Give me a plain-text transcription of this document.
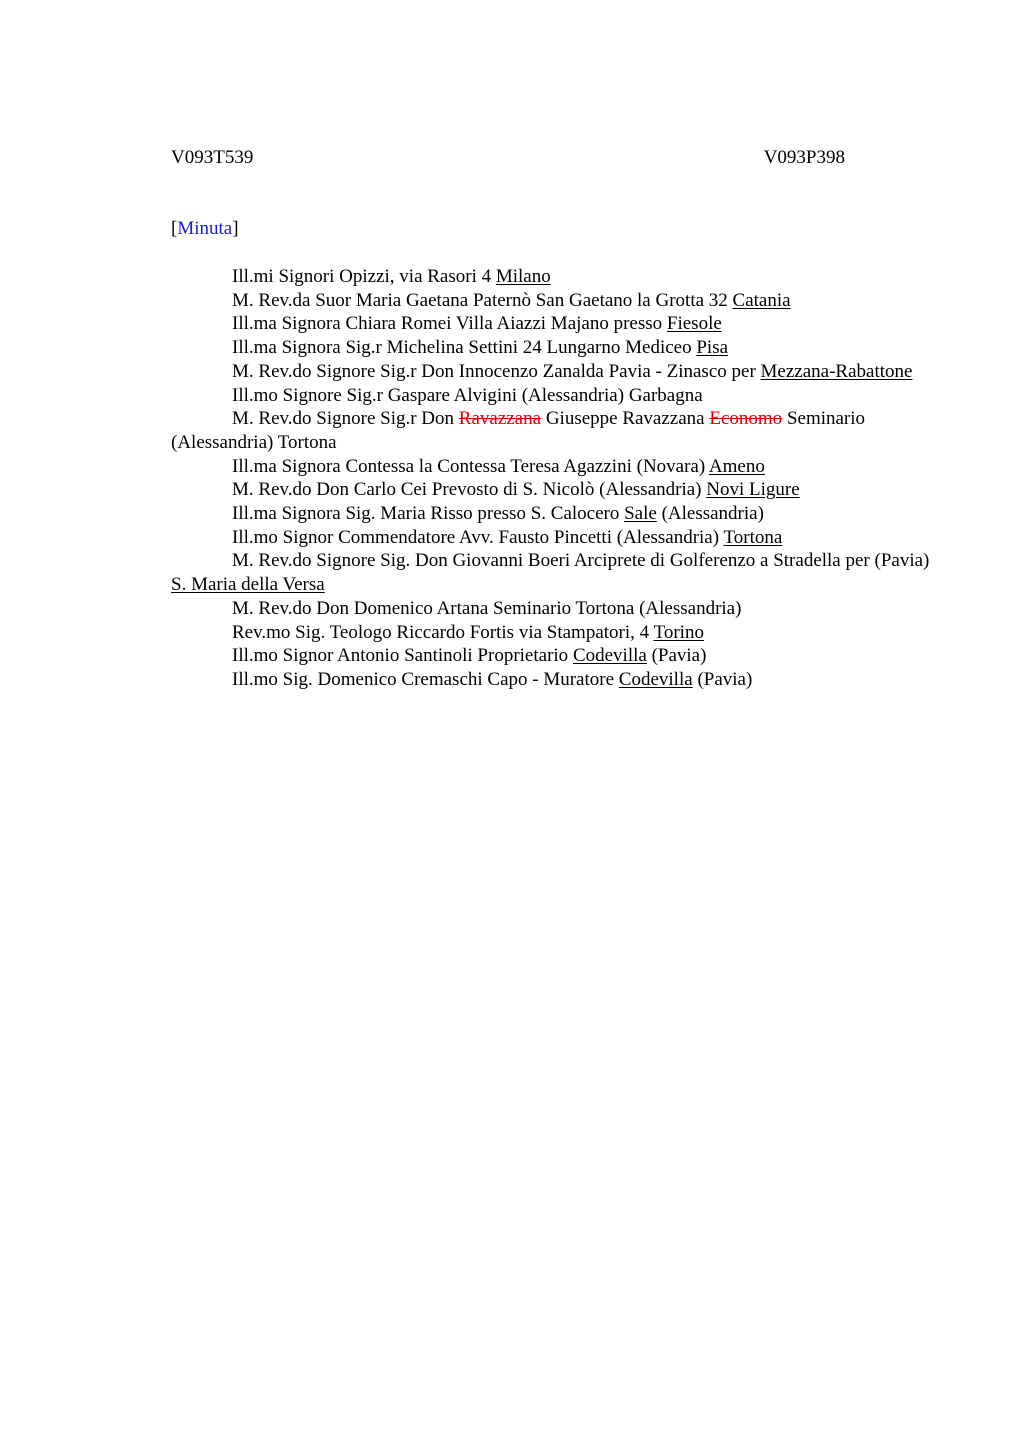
V093T539	V093P398
[Minuta]

Ill.mi Signori Opizzi, via Rasori 4 Milano

M. Rev.da Suor Maria Gaetana Paternò San Gaetano la Grotta 32 Catania

Ill.ma Signora Chiara Romei Villa Aiazzi Majano presso Fiesole

Ill.ma Signora Sig.r Michelina Settini 24 Lungarno Mediceo Pisa

M. Rev.do Signore Sig.r Don Innocenzo Zanalda Pavia - Zinasco per Mezzana-Rabattone

Ill.mo Signore Sig.r Gaspare Alvigini (Alessandria) Garbagna

M. Rev.do Signore Sig.r Don Ravazzana Giuseppe Ravazzana Economo Seminario (Alessandria) Tortona

Ill.ma Signora Contessa la Contessa Teresa Agazzini (Novara) Ameno

M. Rev.do Don Carlo Cei Prevosto di S. Nicolò (Alessandria) Novi Ligure

Ill.ma Signora Sig. Maria Risso presso S. Calocero Sale (Alessandria)

Ill.mo Signor Commendatore Avv. Fausto Pincetti (Alessandria) Tortona

M. Rev.do Signore Sig. Don Giovanni Boeri Arciprete di Golferenzo a Stradella per (Pavia) S. Maria della Versa

M. Rev.do Don Domenico Artana Seminario Tortona (Alessandria)

Rev.mo Sig. Teologo Riccardo Fortis via Stampatori, 4 Torino

Ill.mo Signor Antonio Santinoli Proprietario Codevilla (Pavia)

Ill.mo Sig. Domenico Cremaschi Capo - Muratore Codevilla (Pavia)
